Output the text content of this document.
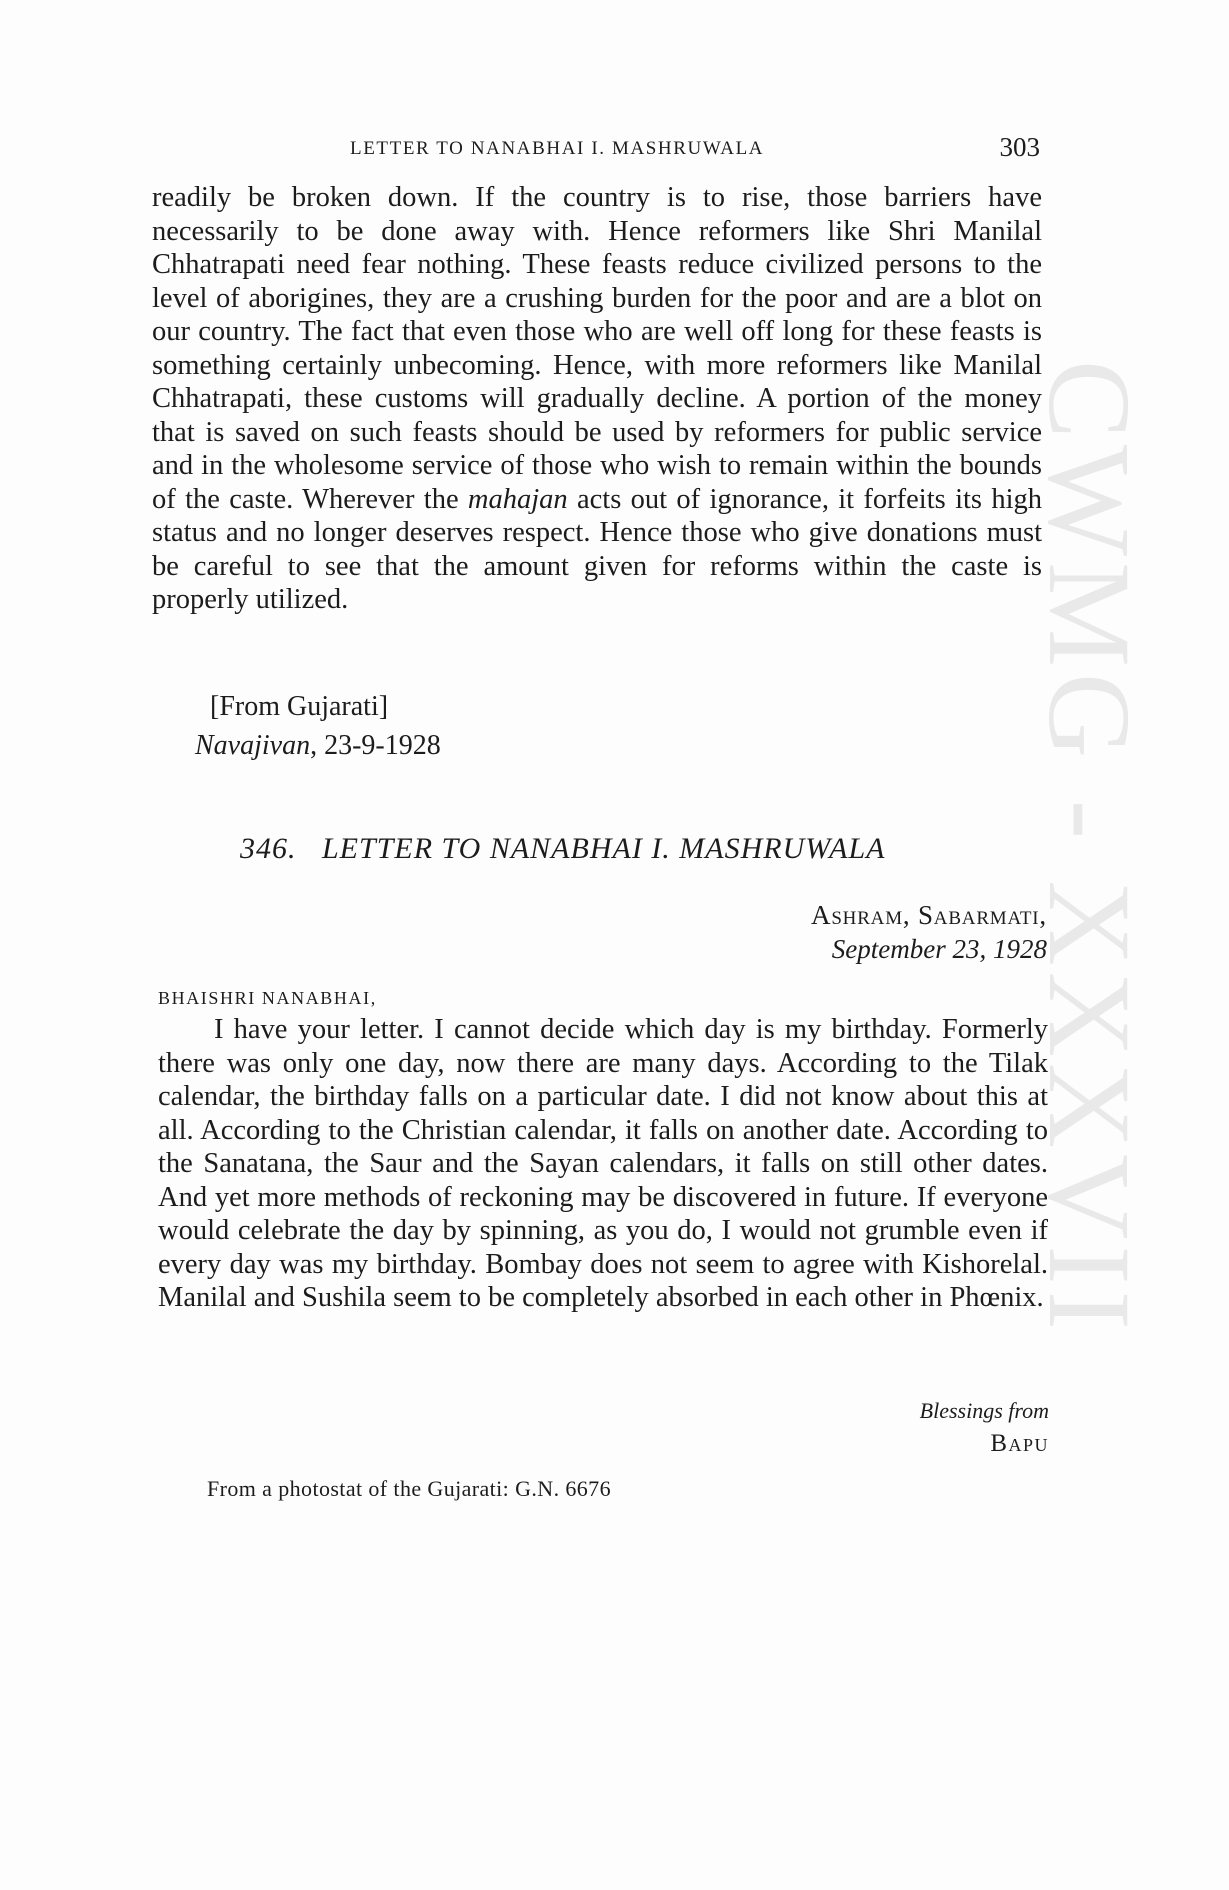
LETTER TO NANABHAI I. MASHRUWALA	303
readily be broken down. If the country is to rise, those barriers have necessarily to be done away with. Hence reformers like Shri Manilal Chhatrapati need fear nothing. These feasts reduce civilized persons to the level of aborigines, they are a crushing burden for the poor and are a blot on our country. The fact that even those who are well off long for these feasts is something certainly unbecoming. Hence, with more reformers like Manilal Chhatrapati, these customs will gradually decline. A portion of the money that is saved on such feasts should be used by reformers for public service and in the wholesome service of those who wish to remain within the bounds of the caste. Wherever the mahajan acts out of ignorance, it forfeits its high status and no longer deserves respect. Hence those who give donations must be careful to see that the amount given for reforms within the caste is properly utilized.
[From Gujarati]
Navajivan, 23-9-1928
346. LETTER TO NANABHAI I. MASHRUWALA
Ashram, Sabarmati,
September 23, 1928
BHAISHRI NANABHAI,
I have your letter. I cannot decide which day is my birthday. Formerly there was only one day, now there are many days. According to the Tilak calendar, the birthday falls on a particular date. I did not know about this at all. According to the Christian calendar, it falls on another date. According to the Sanatana, the Saur and the Sayan calendars, it falls on still other dates. And yet more methods of reckoning may be discovered in future. If everyone would celebrate the day by spinning, as you do, I would not grumble even if every day was my birthday. Bombay does not seem to agree with Kishorelal. Manilal and Sushila seem to be completely absorbed in each other in Phœnix.
Blessings from
Bapu
From a photostat of the Gujarati: G.N. 6676
CWMG - XXXVII
